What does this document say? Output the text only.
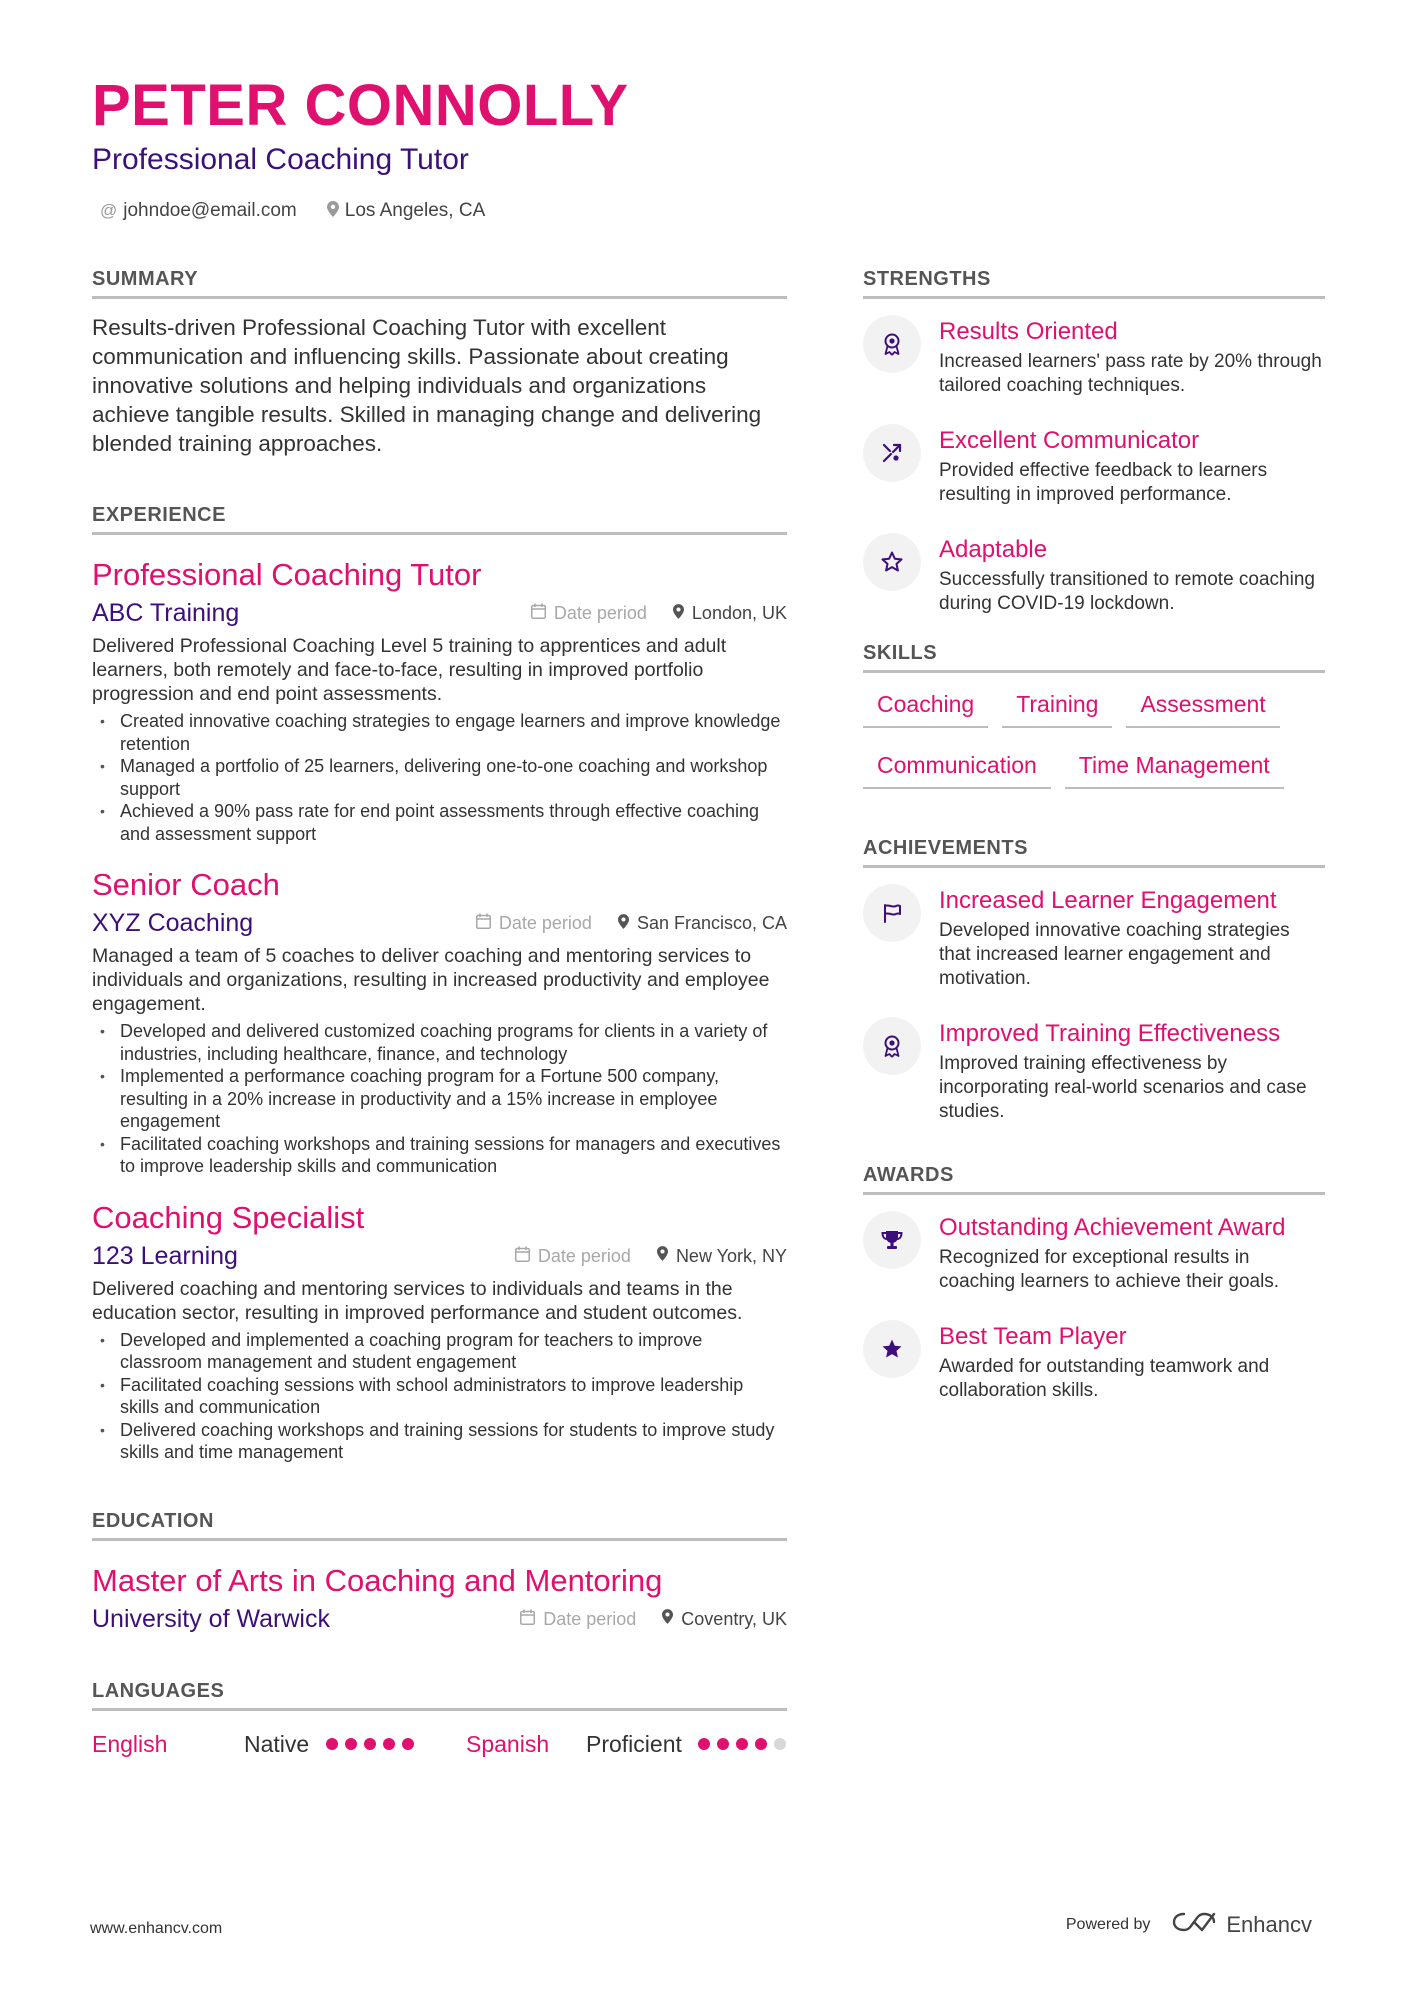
PETER CONNOLLY
Professional Coaching Tutor
@ johndoe@email.com	Los Angeles, CA
SUMMARY

Results-driven Professional Coaching Tutor with excellent communication and influencing skills. Passionate about creating innovative solutions and helping individuals and organizations achieve tangible results. Skilled in managing change and delivering blended training approaches.

EXPERIENCE
Professional Coaching Tutor
ABC Training	Date period	London, UK

Delivered Professional Coaching Level 5 training to apprentices and adult learners, both remotely and face-to-face, resulting in improved portfolio progression and end point assessments.

• Created innovative coaching strategies to engage learners and improve knowledge retention
• Managed a portfolio of 25 learners, delivering one-to-one coaching and workshop support
• Achieved a 90% pass rate for end point assessments through effective coaching and assessment support
Senior Coach
XYZ Coaching	Date period	San Francisco, CA

Managed a team of 5 coaches to deliver coaching and mentoring services to individuals and organizations, resulting in increased productivity and employee engagement.

• Developed and delivered customized coaching programs for clients in a variety of industries, including healthcare, finance, and technology
• Implemented a performance coaching program for a Fortune 500 company, resulting in a 20% increase in productivity and a 15% increase in employee engagement
• Facilitated coaching workshops and training sessions for managers and executives to improve leadership skills and communication
Coaching Specialist
123 Learning	Date period	New York, NY

Delivered coaching and mentoring services to individuals and teams in the education sector, resulting in improved performance and student outcomes.

• Developed and implemented a coaching program for teachers to improve classroom management and student engagement
• Facilitated coaching sessions with school administrators to improve leadership skills and communication
• Delivered coaching workshops and training sessions for students to improve study skills and time management
EDUCATION
Master of Arts in Coaching and Mentoring
University of Warwick	Date period	Coventry, UK
LANGUAGES
English	Native	Spanish	Proficient
STRENGTHS
Results Oriented
Increased learners' pass rate by 20% through tailored coaching techniques.
Excellent Communicator
Provided effective feedback to learners resulting in improved performance.
Adaptable
Successfully transitioned to remote coaching during COVID-19 lockdown.
SKILLS
Coaching	Training	Assessment
Communication	Time Management
ACHIEVEMENTS
Increased Learner Engagement
Developed innovative coaching strategies that increased learner engagement and motivation.
Improved Training Effectiveness
Improved training effectiveness by incorporating real-world scenarios and case studies.
AWARDS
Outstanding Achievement Award
Recognized for exceptional results in coaching learners to achieve their goals.
Best Team Player
Awarded for outstanding teamwork and collaboration skills.
www.enhancv.com	Powered by	Enhancv
